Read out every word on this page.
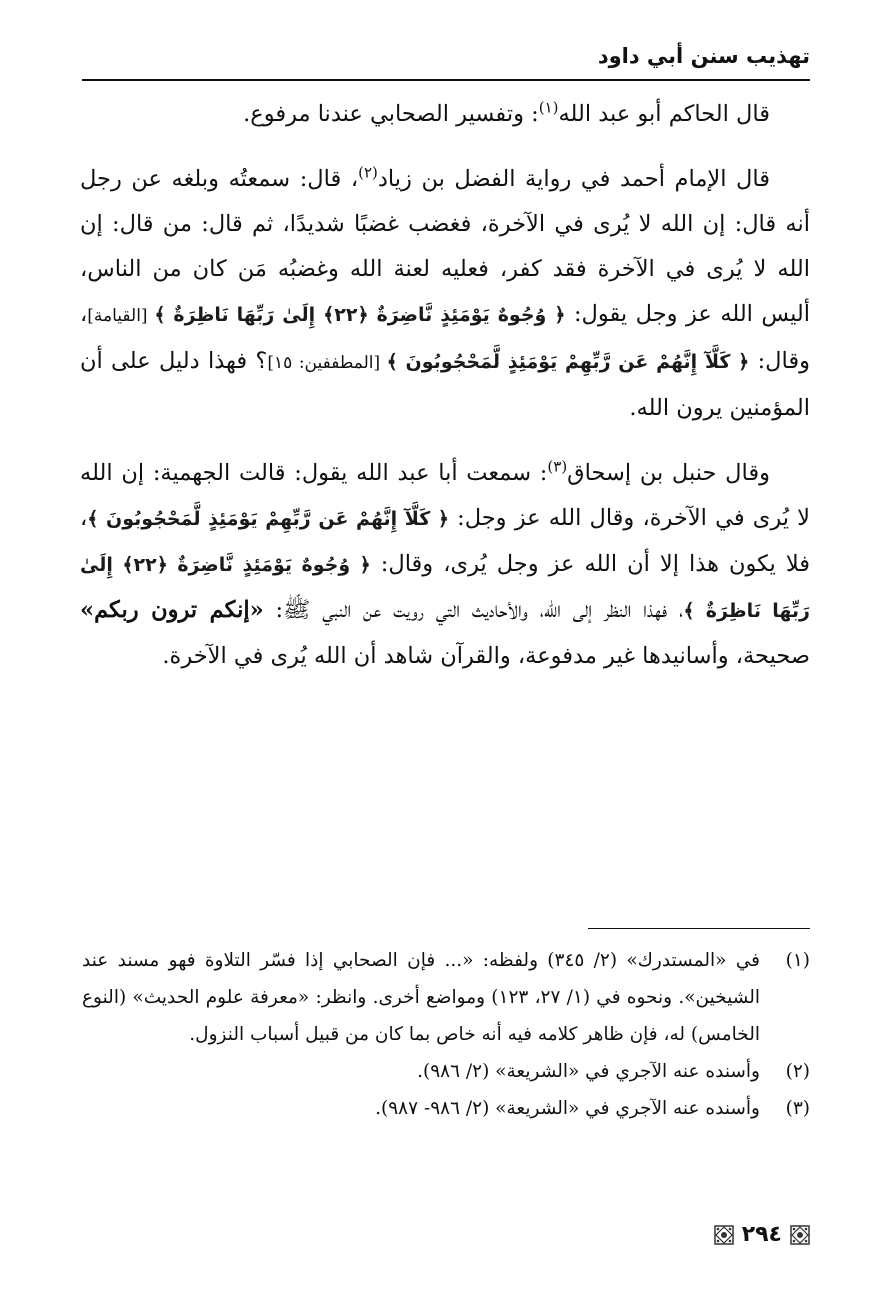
تهذيب سنن أبي داود

قال الحاكم أبو عبد الله$^{(١)}$: وتفسير الصحابي عندنا مرفوع.

قال الإمام أحمد في رواية الفضل بن زياد$^{(٢)}$، قال: سمعتُه وبلغه عن رجل أنه قال: إن الله لا يُرى في الآخرة، فغضب غضبًا شديدًا، ثم قال: من قال: إن الله لا يُرى في الآخرة فقد كفر، فعليه لعنة الله وغضبُه مَن كان من الناس، أليس الله عز وجل يقول: ﴿ وُجُوهٌ يَوْمَئِذٍ نَّاضِرَةٌ ﴿٢٢﴾ إِلَىٰ رَبِّهَا نَاظِرَةٌ ﴾ [القيامة]، وقال: ﴿ كَلَّآ إِنَّهُمْ عَن رَّبِّهِمْ يَوْمَئِذٍ لَّمَحْجُوبُونَ ﴾ [المطففين: ١٥]؟ فهذا دليل على أن المؤمنين يرون الله.

وقال حنبل بن إسحاق$^{(٣)}$: سمعت أبا عبد الله يقول: قالت الجهمية: إن الله لا يُرى في الآخرة، وقال الله عز وجل: ﴿ كَلَّآ إِنَّهُمْ عَن رَّبِّهِمْ يَوْمَئِذٍ لَّمَحْجُوبُونَ ﴾، فلا يكون هذا إلا أن الله عز وجل يُرى، وقال: ﴿ وُجُوهٌ يَوْمَئِذٍ نَّاضِرَةٌ ﴿٢٢﴾ إِلَىٰ رَبِّهَا نَاظِرَةٌ ﴾، فهذا النظر إلى الله، والأحاديث التي رويت عن النبي ﷺ: «إنكم ترون ربكم» صحيحة، وأسانيدها غير مدفوعة، والقرآن شاهد أن الله يُرى في الآخرة.

(١)
في «المستدرك» (٢/ ٣٤٥) ولفظه: «... فإن الصحابي إذا فسّر التلاوة فهو مسند عند الشيخين». ونحوه في (١/ ٢٧، ١٢٣) ومواضع أخرى. وانظر: «معرفة علوم الحديث» (النوع الخامس) له، فإن ظاهر كلامه فيه أنه خاص بما كان من قبيل أسباب النزول.
(٢)
وأسنده عنه الآجري في «الشريعة» (٢/ ٩٨٦).
(٣)
وأسنده عنه الآجري في «الشريعة» (٢/ ٩٨٦- ٩٨٧).
٢٩٤
